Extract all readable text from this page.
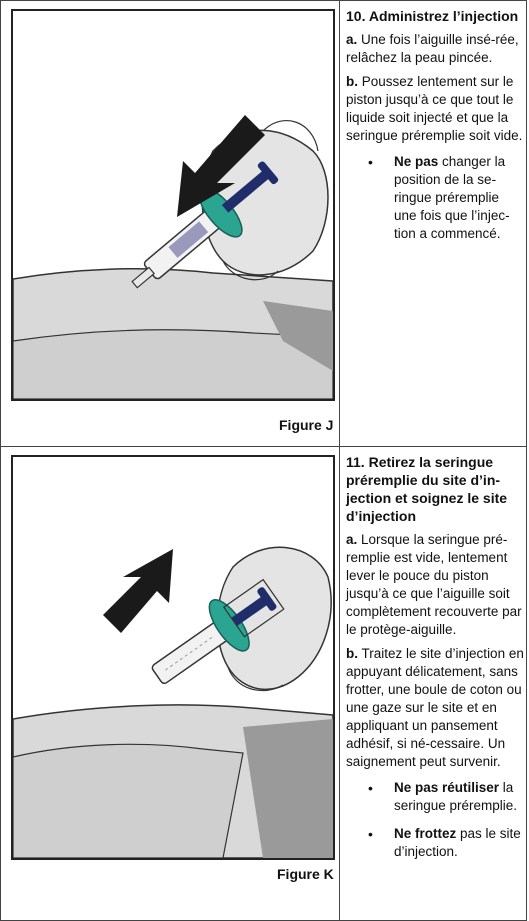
Figure J
10. Administrez l’injection
a. Une fois l’aiguille insé-rée, relâchez la peau pincée.
b. Poussez lentement sur le piston jusqu’à ce que tout le liquide soit injecté et que la seringue préremplie soit vide.
• Ne pas changer la position de la se-ringue préremplie une fois que l’injec-tion a commencé.
Figure K
11. Retirez la seringue préremplie du site d’in-jection et soignez le site d’injection
a. Lorsque la seringue pré-remplie est vide, lentement lever le pouce du piston jusqu’à ce que l’aiguille soit complètement recouverte par le protège-aiguille.
b. Traitez le site d’injection en appuyant délicatement, sans frotter, une boule de coton ou une gaze sur le site et en appliquant un pansement adhésif, si né-cessaire. Un saignement peut survenir.
• Ne pas réutiliser la seringue préremplie.
• Ne frottez pas le site d’injection.
